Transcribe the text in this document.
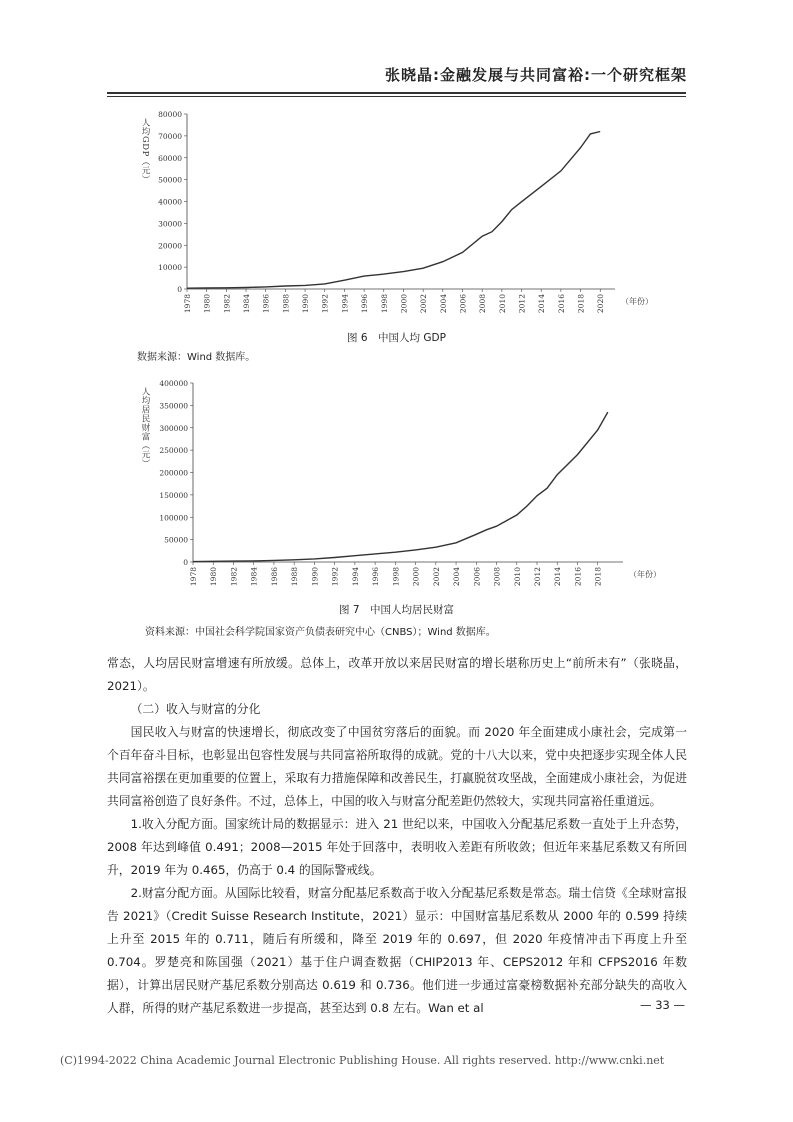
张晓晶:金融发展与共同富裕:一个研究框架
0
10000
20000
30000
40000
50000
60000
70000
80000
1978 1980 1982 1984 1986 1988 1990 1992 1994 1996 1998 2000 2002 2004 2006 2008 2010 2012 2014 2016 2018 2020 （年份）
人均GDP（元）
图 6　中国人均 GDP
数据来源：Wind 数据库。
0
50000
100000
150000
200000
250000
300000
350000
400000
1978 1980 1982 1984 1986 1988 1990 1992 1994 1996 1998 2000 2002 2004 2006 2008 2010 2012 2014 2016 2018	（年份）
人均居民财富（元）
图 7　中国人均居民财富
资料来源：中国社会科学院国家资产负债表研究中心（CNBS）；Wind 数据库。

常态，人均居民财富增速有所放缓。总体上，改革开放以来居民财富的增长堪称历史上“前所未有”（张晓晶，2021）。

（二）收入与财富的分化

国民收入与财富的快速增长，彻底改变了中国贫穷落后的面貌。而 2020 年全面建成小康社会，完成第一个百年奋斗目标，也彰显出包容性发展与共同富裕所取得的成就。党的十八大以来，党中央把逐步实现全体人民共同富裕摆在更加重要的位置上，采取有力措施保障和改善民生，打赢脱贫攻坚战，全面建成小康社会，为促进共同富裕创造了良好条件。不过，总体上，中国的收入与财富分配差距仍然较大，实现共同富裕任重道远。

1.收入分配方面。国家统计局的数据显示：进入 21 世纪以来，中国收入分配基尼系数一直处于上升态势，2008 年达到峰值 0.491；2008—2015 年处于回落中，表明收入差距有所收敛；但近年来基尼系数又有所回升，2019 年为 0.465，仍高于 0.4 的国际警戒线。

2.财富分配方面。从国际比较看，财富分配基尼系数高于收入分配基尼系数是常态。瑞士信贷《全球财富报告 2021》（Credit Suisse Research Institute，2021）显示：中国财富基尼系数从 2000 年的 0.599 持续上升至 2015 年的 0.711，随后有所缓和，降至 2019 年的 0.697，但 2020 年疫情冲击下再度上升至 0.704。罗楚亮和陈国强（2021）基于住户调查数据（CHIP2013 年、CEPS2012 年和 CFPS2016 年数据），计算出居民财产基尼系数分别高达 0.619 和 0.736。他们进一步通过富豪榜数据补充部分缺失的高收入人群，所得的财产基尼系数进一步提高，甚至达到 0.8 左右。Wan et al	— 33 —
(C)1994-2022 China Academic Journal Electronic Publishing House. All rights reserved. http://www.cnki.net
